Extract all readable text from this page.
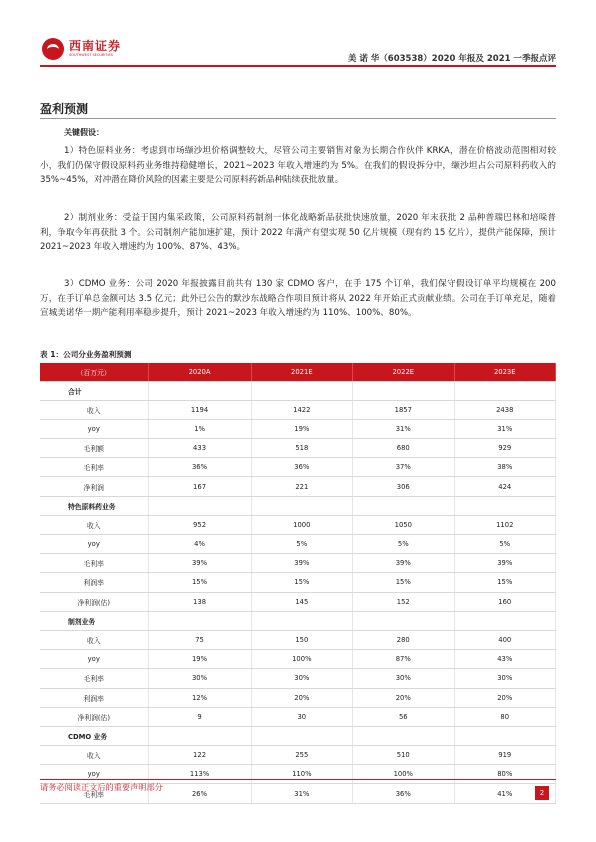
西南证券
SOUTHWEST SECURITIES	美 诺 华（603538）2020 年报及 2021 一季报点评
盈利预测
关键假设：

1）特色原料业务：考虑到市场缬沙坦价格调整较大，尽管公司主要销售对象为长期合作伙伴 KRKA，潜在价格波动范围相对较小，我们仍保守假设原料药业务维持稳健增长，2021~2023 年收入增速约为 5%。在我们的假设拆分中，缬沙坦占公司原料药收入的35%~45%，对冲潜在降价风险的因素主要是公司原料药新品种陆续获批放量。

2）制剂业务：受益于国内集采政策，公司原料药制剂一体化战略新品获批快速放量，2020 年末获批 2 品种普瑞巴林和培哚普利，争取今年再获批 3 个。公司制剂产能加速扩建，预计 2022 年满产有望实现 50 亿片规模（现有约 15 亿片），提供产能保障，预计 2021~2023 年收入增速约为 100%、87%、43%。

3）CDMO 业务：公司 2020 年报披露目前共有 130 家 CDMO 客户，在手 175 个订单，我们保守假设订单平均规模在 200 万，在手订单总金额可达 3.5 亿元；此外已公告的默沙东战略合作项目预计将从 2022 年开始正式贡献业绩。公司在手订单充足，随着宣城美诺华一期产能利用率稳步提升，预计 2021~2023 年收入增速约为 110%、100%、80%。

表 1：公司分业务盈利预测
（百万元）	2020A	2021E	2022E	2023E
合计				
收入	1194	1422	1857	2438
yoy	1%	19%	31%	31%
毛利额	433	518	680	929
毛利率	36%	36%	37%	38%
净利润	167	221	306	424
特色原料药业务				
收入	952	1000	1050	1102
yoy	4%	5%	5%	5%
毛利率	39%	39%	39%	39%
利润率	15%	15%	15%	15%
净利润(估)	138	145	152	160
制剂业务				
收入	75	150	280	400
yoy	19%	100%	87%	43%
毛利率	30%	30%	30%	30%
利润率	12%	20%	20%	20%
净利润(估)	9	30	56	80
CDMO 业务				
收入	122	255	510	919
yoy	113%	110%	100%	80%
毛利率	26%	31%	36%	41%
请务必阅读正文后的重要声明部分
2
